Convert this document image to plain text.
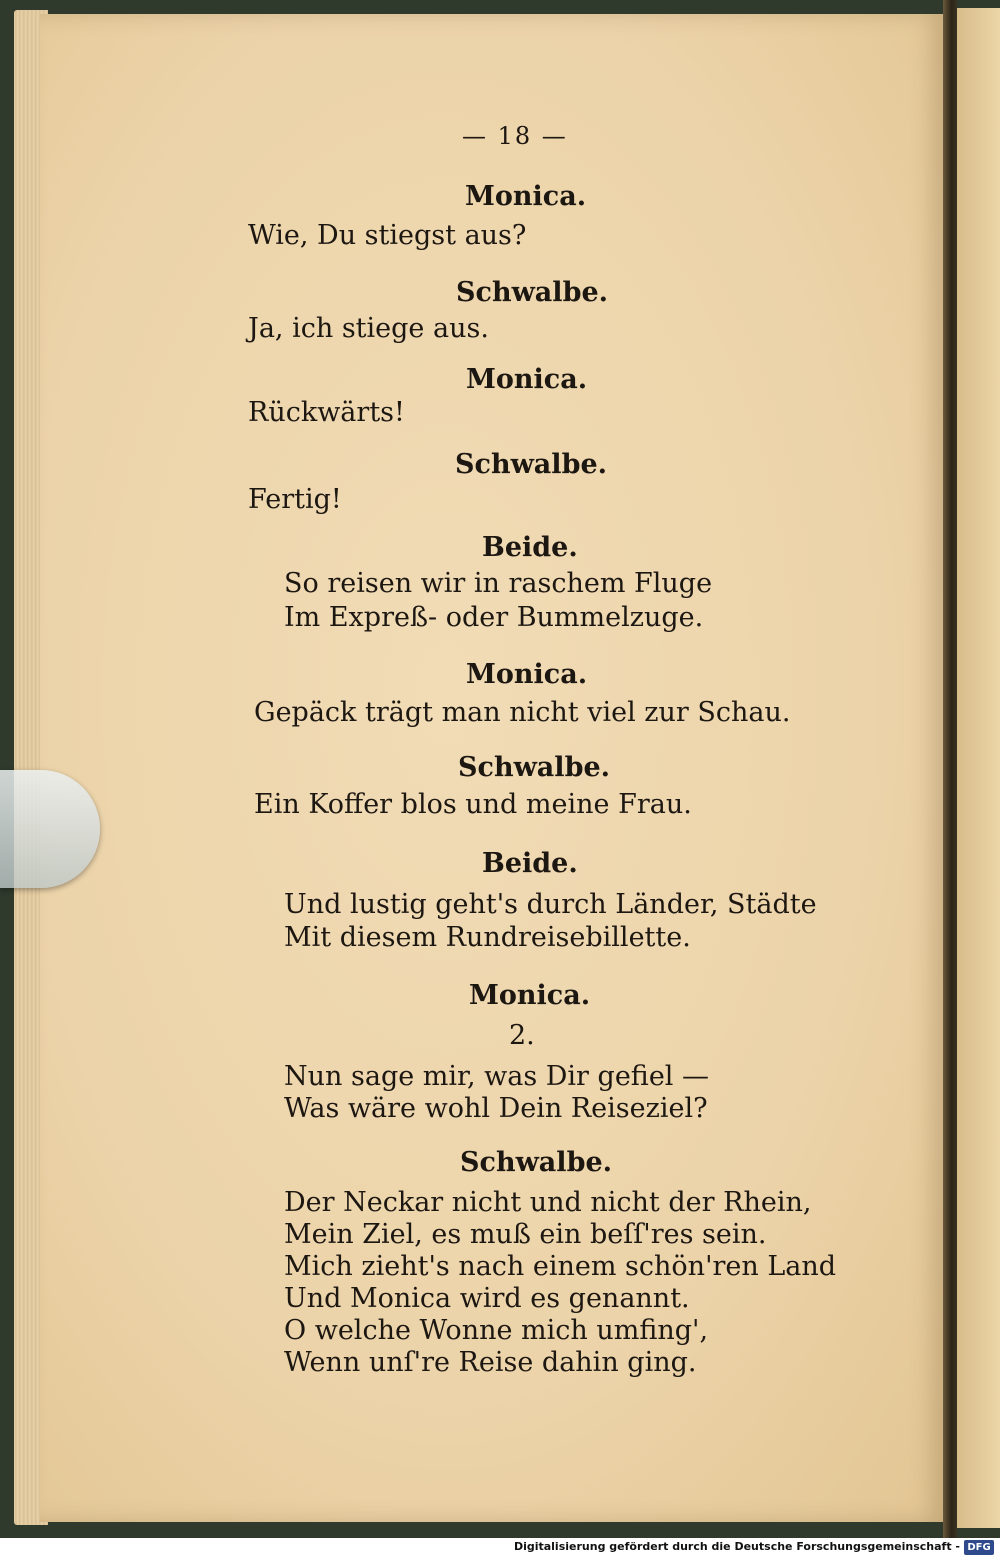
— 18 —
Monica.
Wie, Du stiegst aus?
Schwalbe.
Ja, ich stiege aus.
Monica.
Rückwärts!
Schwalbe.
Fertig!
Beide.
So reisen wir in raschem Fluge
Im Expreß- oder Bummelzuge.
Monica.
Gepäck trägt man nicht viel zur Schau.
Schwalbe.
Ein Koffer blos und meine Frau.
Beide.
Und lustig geht's durch Länder, Städte
Mit diesem Rundreisebillette.
Monica.
2.
Nun sage mir, was Dir gefiel —
Was wäre wohl Dein Reiseziel?
Schwalbe.
Der Neckar nicht und nicht der Rhein,
Mein Ziel, es muß ein beſſ'res sein.
Mich zieht's nach einem schön'ren Land
Und Monica wird es genannt.
O welche Wonne mich umfing',
Wenn unſ're Reise dahin ging.
Digitalisierung gefördert durch die Deutsche Forschungsgemeinschaft - DFG
